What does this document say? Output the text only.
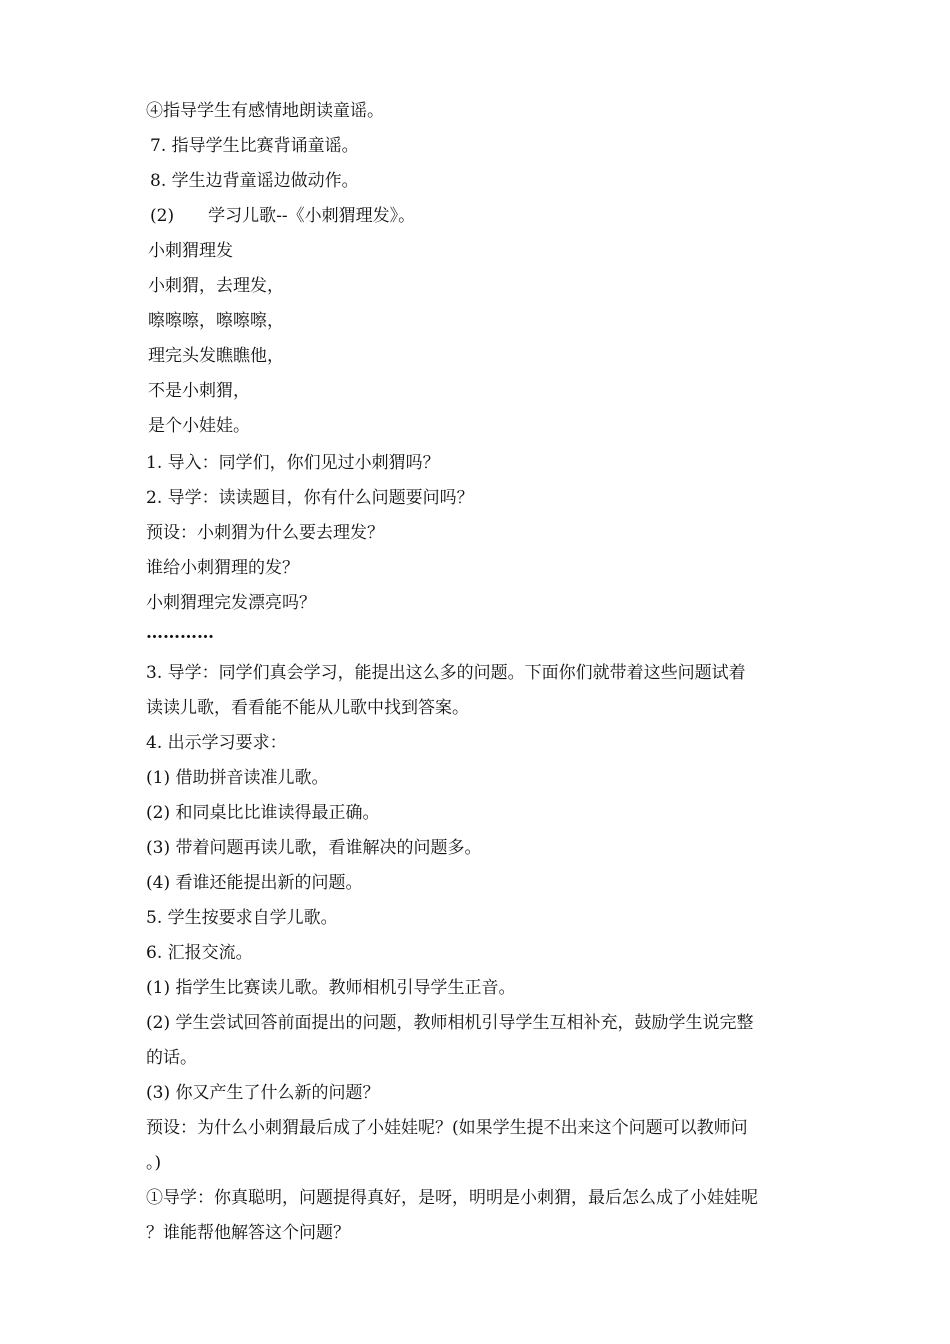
④指导学生有感情地朗读童谣。
7. 指导学生比赛背诵童谣。
8. 学生边背童谣边做动作。
(2) 学习儿歌--《小刺猬理发》。
小刺猬理发
小刺猬，去理发，
嚓嚓嚓，嚓嚓嚓，
理完头发瞧瞧他，
不是小刺猬，
是个小娃娃。
1. 导入：同学们，你们见过小刺猬吗？
2. 导学：读读题目，你有什么问题要问吗？
预设：小刺猬为什么要去理发？
谁给小刺猬理的发？
小刺猬理完发漂亮吗？
…………
3. 导学：同学们真会学习，能提出这么多的问题。下面你们就带着这些问题试着
读读儿歌，看看能不能从儿歌中找到答案。
4. 出示学习要求：
(1) 借助拼音读准儿歌。
(2) 和同桌比比谁读得最正确。
(3) 带着问题再读儿歌，看谁解决的问题多。
(4) 看谁还能提出新的问题。
5. 学生按要求自学儿歌。
6. 汇报交流。
(1) 指学生比赛读儿歌。教师相机引导学生正音。
(2) 学生尝试回答前面提出的问题，教师相机引导学生互相补充，鼓励学生说完整
的话。
(3) 你又产生了什么新的问题？
预设：为什么小刺猬最后成了小娃娃呢？(如果学生提不出来这个问题可以教师问
。)
①导学：你真聪明，问题提得真好，是呀，明明是小刺猬，最后怎么成了小娃娃呢
？谁能帮他解答这个问题？
